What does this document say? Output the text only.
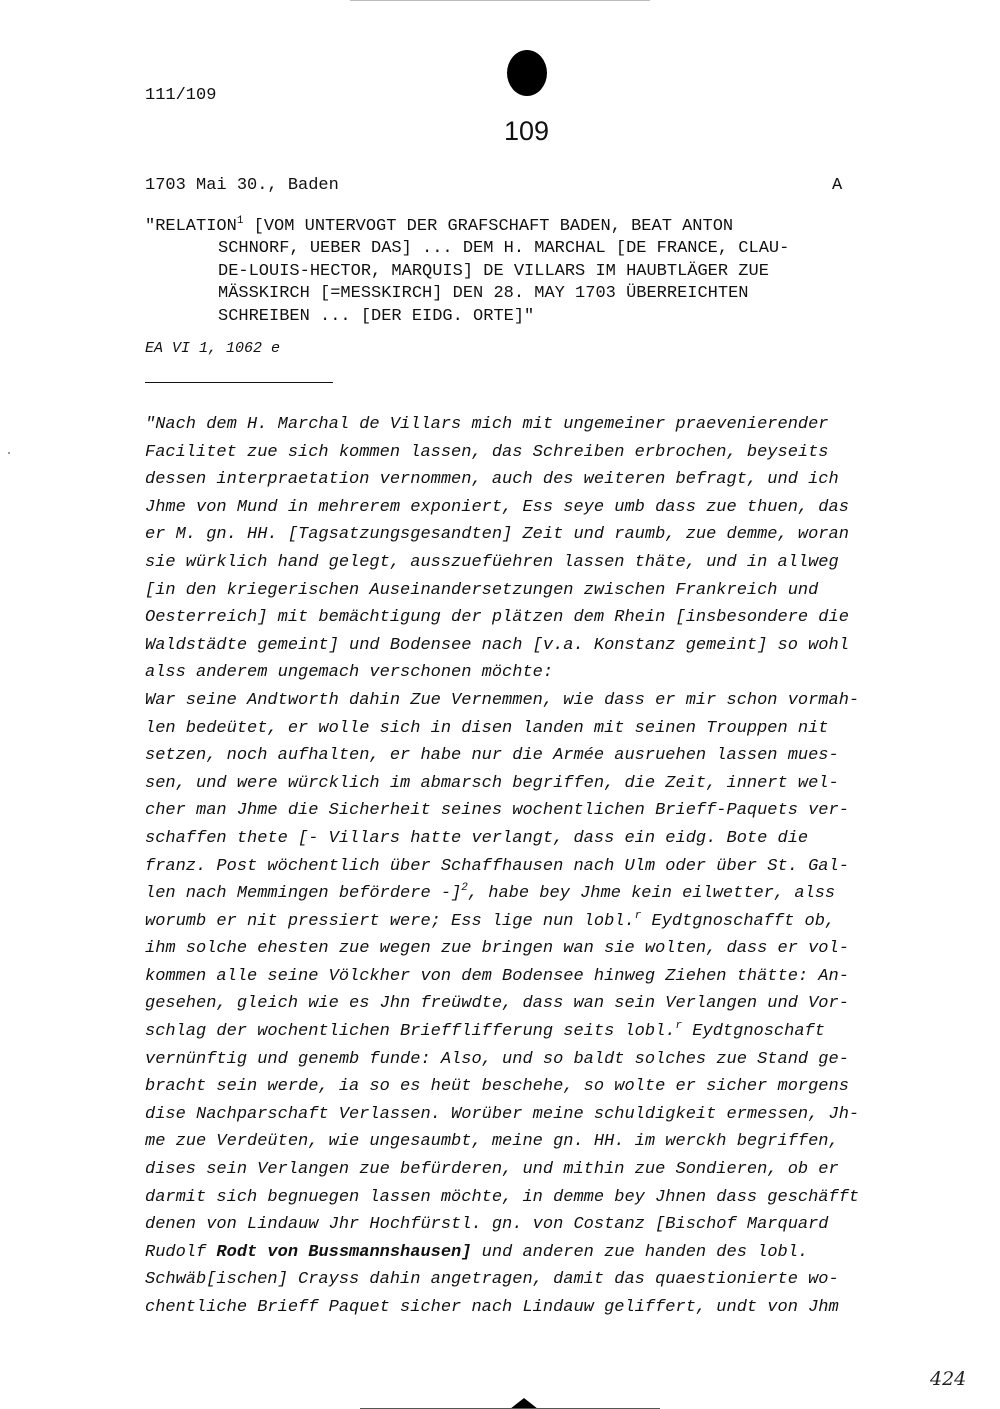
111/109
109
1703 Mai 30., Baden	A
"RELATION$^1$ [VOM UNTERVOGT DER GRAFSCHAFT BADEN, BEAT ANTON
SCHNORF, UEBER DAS] ... DEM H. MARCHAL [DE FRANCE, CLAU-
DE-LOUIS-HECTOR, MARQUIS] DE VILLARS IM HAUBTLÄGER ZUE
MÄSSKIRCH [=MESSKIRCH] DEN 28. MAY 1703 ÜBERREICHTEN
SCHREIBEN ... [DER EIDG. ORTE]"
EA VI 1, 1062 e
"Nach dem H. Marchal de Villars mich mit ungemeiner praevenierender
Facilitet zue sich kommen lassen, das Schreiben erbrochen, beyseits
dessen interpraetation vernommen, auch des weiteren befragt, und ich
Jhme von Mund in mehrerem exponiert, Ess seye umb dass zue thuen, das
er M. gn. HH. [Tagsatzungsgesandten] Zeit und raumb, zue demme, woran
sie würklich hand gelegt, ausszuefüehren lassen thäte, und in allweg
[in den kriegerischen Auseinandersetzungen zwischen Frankreich und
Oesterreich] mit bemächtigung der plätzen dem Rhein [insbesondere die
Waldstädte gemeint] und Bodensee nach [v.a. Konstanz gemeint] so wohl
alss anderem ungemach verschonen möchte:
War seine Andtworth dahin Zue Vernemmen, wie dass er mir schon vormah-
len bedeütet, er wolle sich in disen landen mit seinen Trouppen nit
setzen, noch aufhalten, er habe nur die Armée ausruehen lassen mues-
sen, und were würcklich im abmarsch begriffen, die Zeit, innert wel-
cher man Jhme die Sicherheit seines wochentlichen Brieff-Paquets ver-
schaffen thete [- Villars hatte verlangt, dass ein eidg. Bote die
franz. Post wöchentlich über Schaffhausen nach Ulm oder über St. Gal-
len nach Memmingen befördere -]$^2$, habe bey Jhme kein eilwetter, alss
worumb er nit pressiert were; Ess lige nun lobl.$^r$ Eydtgnoschafft ob,
ihm solche ehesten zue wegen zue bringen wan sie wolten, dass er vol-
kommen alle seine Völckher von dem Bodensee hinweg Ziehen thätte: An-
gesehen, gleich wie es Jhn freüwdte, dass wan sein Verlangen und Vor-
schlag der wochentlichen Briefflifferung seits lobl.$^r$ Eydtgnoschaft
vernünftig und genemb funde: Also, und so baldt solches zue Stand ge-
bracht sein werde, ia so es heüt beschehe, so wolte er sicher morgens
dise Nachparschaft Verlassen. Worüber meine schuldigkeit ermessen, Jh-
me zue Verdeüten, wie ungesaumbt, meine gn. HH. im werckh begriffen,
dises sein Verlangen zue befürderen, und mithin zue Sondieren, ob er
darmit sich begnuegen lassen möchte, in demme bey Jhnen dass geschäfft
denen von Lindauw Jhr Hochfürstl. gn. von Costanz [Bischof Marquard
Rudolf Rodt von Bussmannshausen] und anderen zue handen des lobl.
Schwäb[ischen] Crayss dahin angetragen, damit das quaestionierte wo-
chentliche Brieff Paquet sicher nach Lindauw geliffert, undt von Jhm
424
